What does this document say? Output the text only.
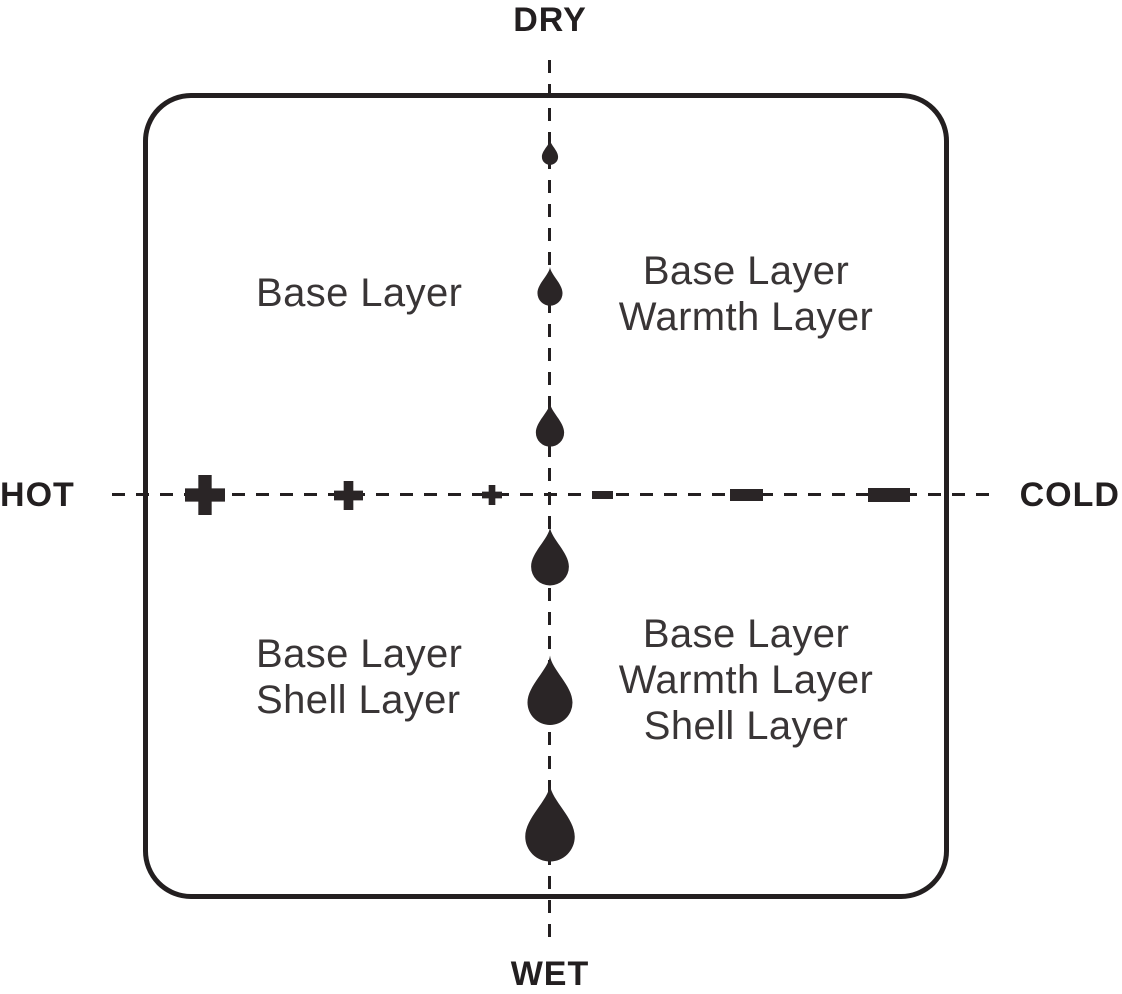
DRY
WET
HOT	COLD
Base Layer	Base Layer
Warmth Layer
Base Layer
Shell Layer
Base Layer
Warmth Layer
Shell Layer
